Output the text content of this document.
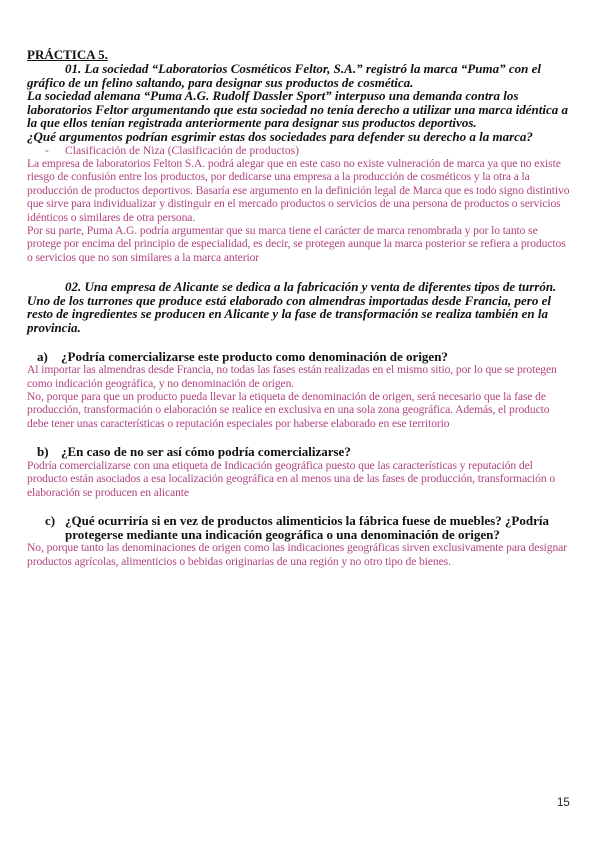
PRÁCTICA 5.
01. La sociedad “Laboratorios Cosméticos Feltor, S.A.” registró la marca “Puma” con el gráfico de un felino saltando, para designar sus productos de cosmética.
La sociedad alemana “Puma A.G. Rudolf Dassler Sport” interpuso una demanda contra los laboratorios Feltor argumentando que esta sociedad no tenía derecho a utilizar una marca idéntica a la que ellos tenían registrada anteriormente para designar sus productos deportivos.
¿Qué argumentos podrían esgrimir estas dos sociedades para defender su derecho a la marca?
- Clasificación de Niza (Clasificación de productos)
La empresa de laboratorios Felton S.A. podrá alegar que en este caso no existe vulneración de marca ya que no existe riesgo de confusión entre los productos, por dedicarse una empresa a la producción de cosméticos y la otra a la producción de productos deportivos. Basaría ese argumento en la definición legal de Marca que es todo signo distintivo que sirve para individualizar y distinguir en el mercado productos o servicios de una persona de productos o servicios idénticos o similares de otra persona.
Por su parte, Puma A.G. podría argumentar que su marca tiene el carácter de marca renombrada y por lo tanto se protege por encima del principio de especialidad, es decir, se protegen aunque la marca posterior se refiera a productos o servicios que no son similares a la marca anterior
02. Una empresa de Alicante se dedica a la fabricación y venta de diferentes tipos de turrón. Uno de los turrones que produce está elaborado con almendras importadas desde Francia, pero el resto de ingredientes se producen en Alicante y la fase de transformación se realiza también en la provincia.
a)	¿Podría comercializarse este producto como denominación de origen?
Al importar las almendras desde Francia, no todas las fases están realizadas en el mismo sitio, por lo que se protegen como indicación geográfica, y no denominación de origen.
No, porque para que un producto pueda llevar la etiqueta de denominación de origen, será necesario que la fase de producción, transformación o elaboración se realice en exclusiva en una sola zona geográfica. Además, el producto debe tener unas características o reputación especiales por haberse elaborado en ese territorio
b) ¿En caso de no ser así cómo podría comercializarse?
Podría comercializarse con una etiqueta de Indicación geográfica puesto que las características y reputación del producto están asociados a esa localización geográfica en al menos una de las fases de producción, transformación o elaboración se producen en alicante
c) ¿Qué ocurriría si en vez de productos alimenticios la fábrica fuese de muebles? ¿Podría protegerse mediante una indicación geográfica o una denominación de origen?
No, porque tanto las denominaciones de origen como las indicaciones geográficas sirven exclusivamente para designar productos agrícolas, alimenticios o bebidas originarias de una región y no otro tipo de bienes.
15
